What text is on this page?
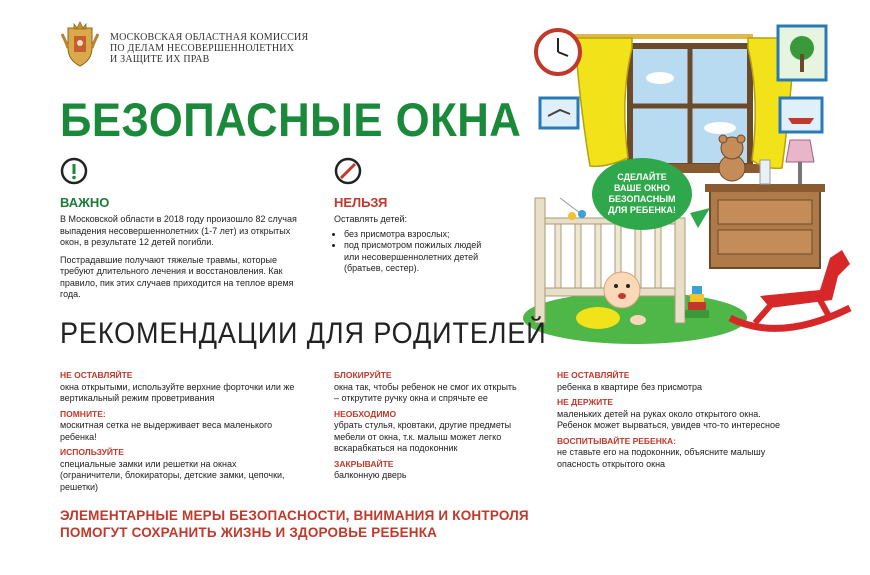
МОСКОВСКАЯ ОБЛАСТНАЯ КОМИССИЯ
ПО ДЕЛАМ НЕСОВЕРШЕННОЛЕТНИХ
И ЗАЩИТЕ ИХ ПРАВ
БЕЗОПАСНЫЕ ОКНА
ВАЖНО

В Московской области в 2018 году произошло 82 случая выпадения несовершеннолетних (1-7 лет) из открытых окон, в результате 12 детей погибли.

Пострадавшие получают тяжелые травмы, которые требуют длительного лечения и восстановления. Как правило, пик этих случаев приходится на теплое время года.

НЕЛЬЗЯ
Оставлять детей:
• без присмотра взрослых;
• под присмотром пожилых людей или несовершеннолетних детей (братьев, сестер).
СДЕЛАЙТЕ
ВАШЕ ОКНО
БЕЗОПАСНЫМ
ДЛЯ РЕБЕНКА!
РЕКОМЕНДАЦИИ ДЛЯ РОДИТЕЛЕЙ
НЕ ОСТАВЛЯЙТЕ
окна открытыми, используйте верхние форточки или же вертикальный режим проветривания
ПОМНИТЕ:
москитная сетка не выдерживает веса маленького ребенка!
ИСПОЛЬЗУЙТЕ
специальные замки или решетки на окнах (ограничители, блокираторы, детские замки, цепочки, решетки)
БЛОКИРУЙТЕ
окна так, чтобы ребенок не смог их открыть – открутите ручку окна и спрячьте ее
НЕОБХОДИМО
убрать стулья, кровтаки, другие предметы мебели от окна, т.к. малыш может легко вскарабкаться на подоконник
ЗАКРЫВАЙТЕ
балконную дверь
НЕ ОСТАВЛЯЙТЕ
ребенка в квартире без присмотра
НЕ ДЕРЖИТЕ
маленьких детей на руках около открытого окна. Ребенок может вырваться, увидев что-то интересное
ВОСПИТЫВАЙТЕ РЕБЕНКА:
не ставьте его на подоконник, объясните малышу опасность открытого окна
ЭЛЕМЕНТАРНЫЕ МЕРЫ БЕЗОПАСНОСТИ, ВНИМАНИЯ И КОНТРОЛЯ
ПОМОГУТ СОХРАНИТЬ ЖИЗНЬ И ЗДОРОВЬЕ РЕБЕНКА
